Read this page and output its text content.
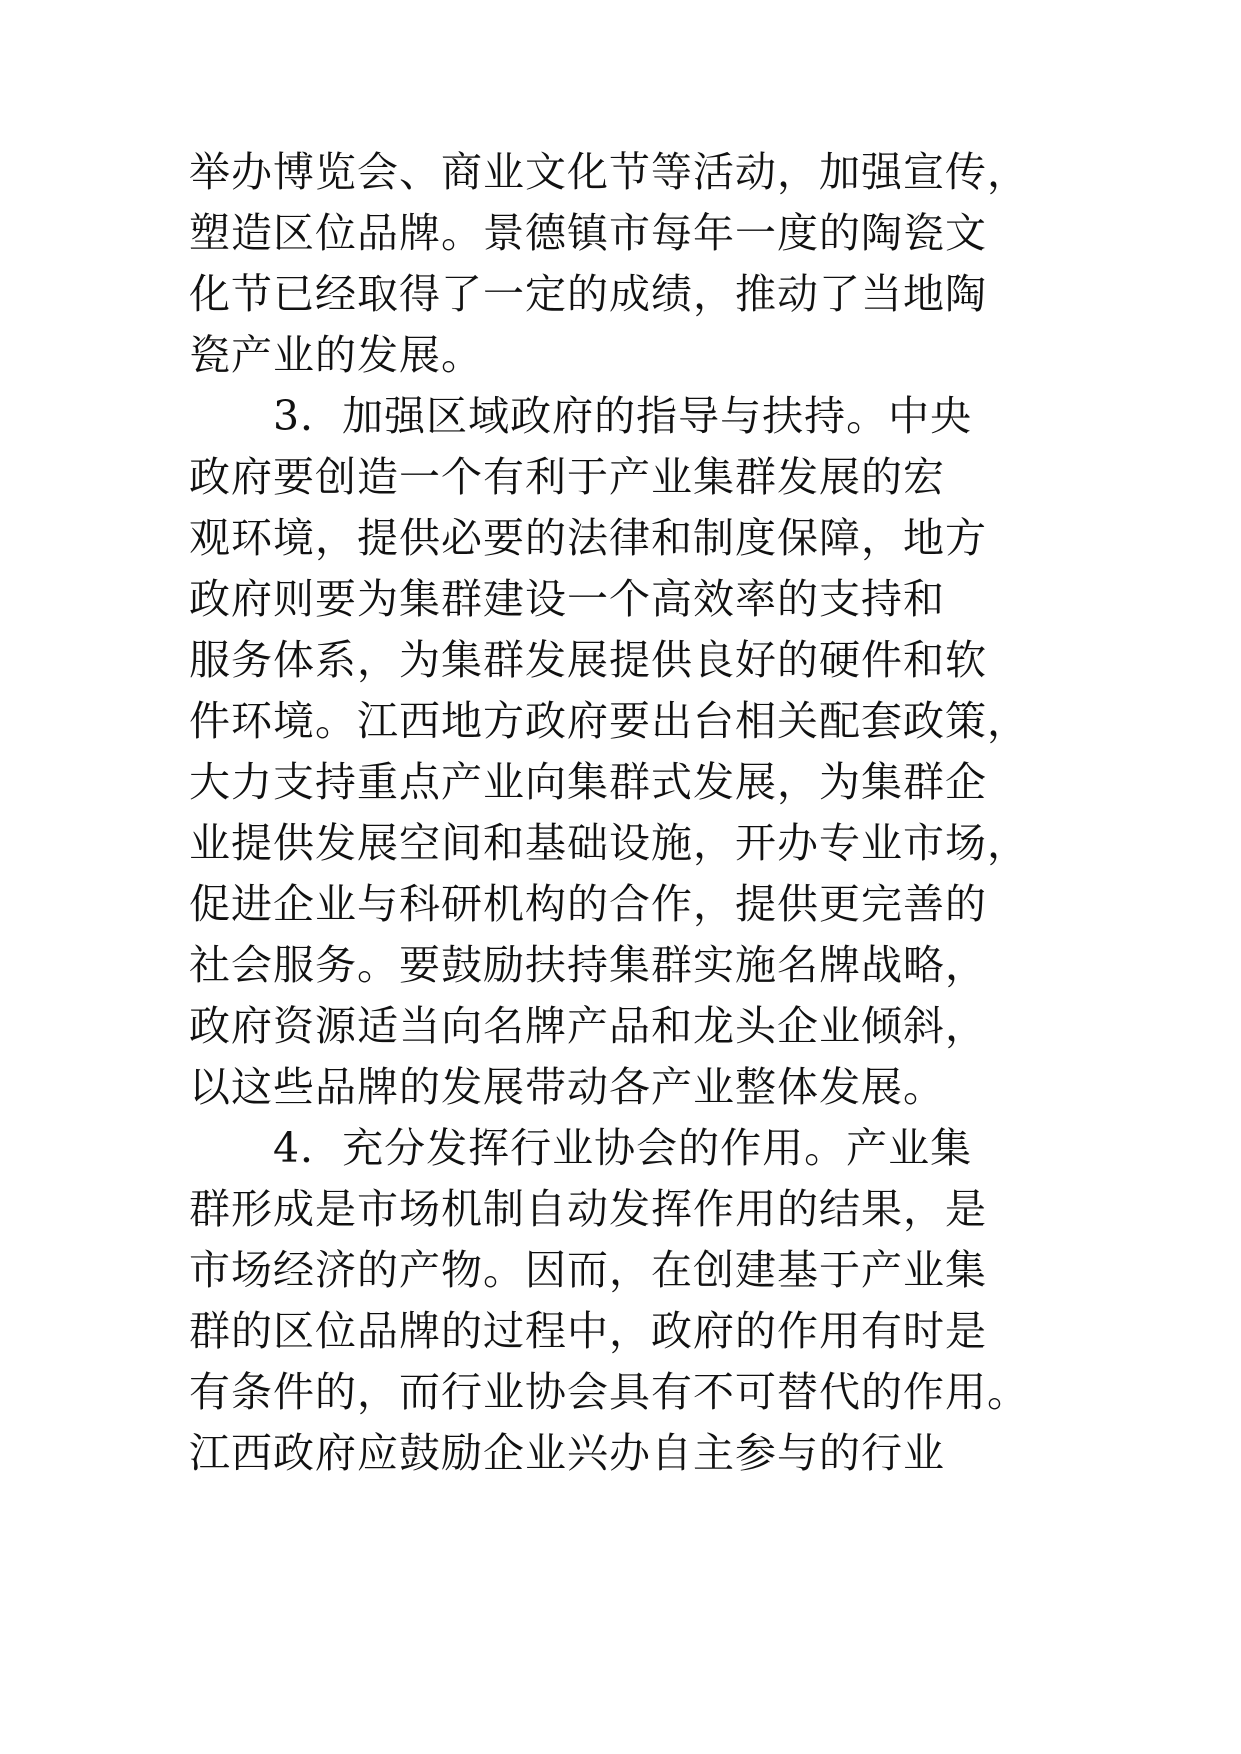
举办博览会、商业文化节等活动，加强宣传，
塑造区位品牌。景德镇市每年一度的陶瓷文
化节已经取得了一定的成绩，推动了当地陶
瓷产业的发展。
3．加强区域政府的指导与扶持。中央
政府要创造一个有利于产业集群发展的宏
观环境，提供必要的法律和制度保障，地方
政府则要为集群建设一个高效率的支持和
服务体系，为集群发展提供良好的硬件和软
件环境。江西地方政府要出台相关配套政策，
大力支持重点产业向集群式发展，为集群企
业提供发展空间和基础设施，开办专业市场，
促进企业与科研机构的合作，提供更完善的
社会服务。要鼓励扶持集群实施名牌战略，
政府资源适当向名牌产品和龙头企业倾斜，
以这些品牌的发展带动各产业整体发展。
4．充分发挥行业协会的作用。产业集
群形成是市场机制自动发挥作用的结果，是
市场经济的产物。因而，在创建基于产业集
群的区位品牌的过程中，政府的作用有时是
有条件的，而行业协会具有不可替代的作用。
江西政府应鼓励企业兴办自主参与的行业
